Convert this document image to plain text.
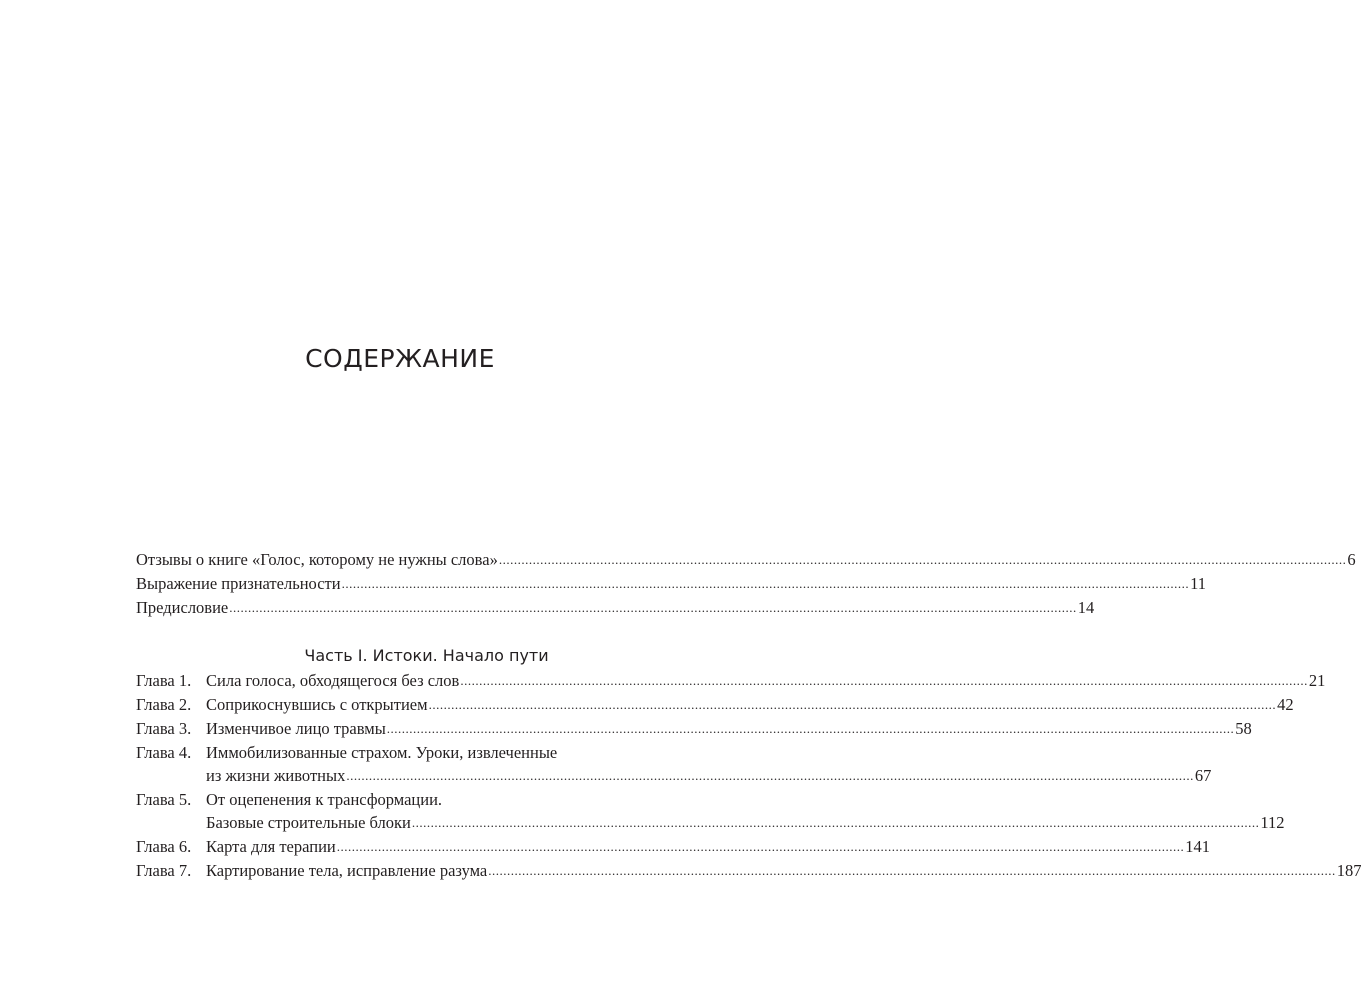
СОДЕРЖАНИЕ
Отзывы о книге «Голос, которому не нужны слова» .....	6
Выражение признательности .....	11
Предисловие .....	14
Часть I. Истоки. Начало пути
Глава 1. Сила голоса, обходящегося без слов .....	21
Глава 2. Соприкоснувшись с открытием .....	42
Глава 3. Изменчивое лицо травмы .....	58
Глава 4. Иммобилизованные страхом. Уроки, извлеченные
из жизни животных .....	67
Глава 5. От оцепенения к трансформации.
Базовые строительные блоки .....	112
Глава 6. Карта для терапии .....	141
Глава 7. Картирование тела, исправление разума .....	187
